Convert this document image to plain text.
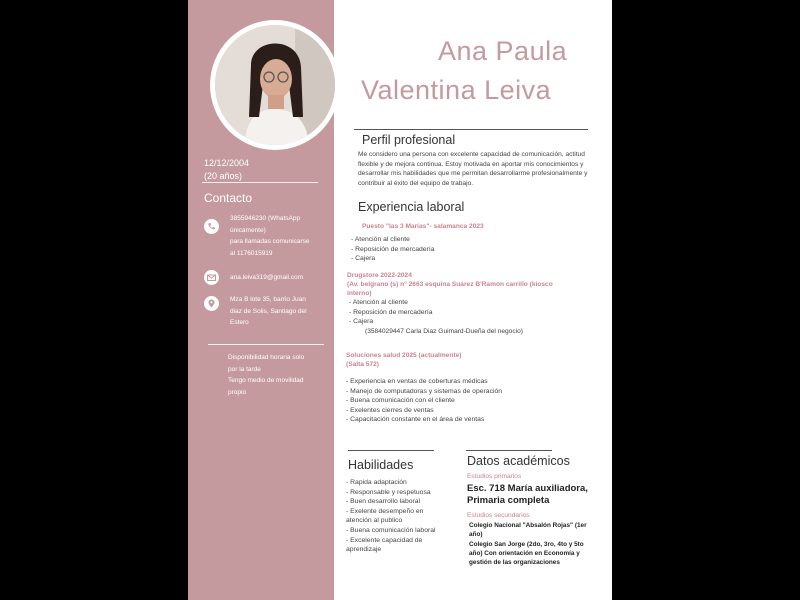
12/12/2004
(20 años)
Contacto
3855946230 (WhatsApp
únicamente)
para llamadas comunicarse
al 1176015919
ana.leiva319@gmail.com
Mza B lote 35, barrio Juan
diaz de Solis, Santiago del
Estero
Disponibilidad horaria solo
por la tarde
Tengo medio de movilidad
propio
Ana Paula
Valentina Leiva
Perfil profesional
Me considero una persona con excelente capacidad de comunicación, actitud flexible y de mejora continua. Estoy motivada en aportar mis conocimientos y desarrollar mis habilidades que me permitan desarrollarme profesionalmente y contribuir al éxito del equipo de trabajo.
Experiencia laboral
Puesto "las 3 Marías"- salamanca 2023
- Atención al cliente
- Reposición de mercadería
- Cajera
Drugstore 2022-2024
(Av. belgrano (s) n° 2663 esquina Suárez B'Ramon carrillo (kiosco
interno)
- Atención al cliente
- Reposición de mercadería
- Cajera
(3584029447 Carla Diaz Guimard-Dueña del negocio)
Soluciones salud 2025 (actualmente)
(Salta 572)
- Experiencia en ventas de coberturas médicas
- Manejo de computadoras y sistemas de operación
- Buena comunicación con el cliente
- Exelentes cierres de ventas
- Capacitación constante en el área de ventas
Habilidades
- Rapida adaptación
- Responsable y respetuosa
- Buen desarrollo laboral
- Exelente desempeño en
atención al publico
- Buena comunicación laboral
- Excelente capacidad de
aprendizaje
Datos académicos
Estudios primarios
Esc. 718 María auxiliadora,
Primaria completa
Estudios secundarios
Colegio Nacional "Absalón Rojas" (1er
año)
Colegio San Jorge (2do, 3ro, 4to y 5to
año) Con orientación en Economía y
gestión de las organizaciones
